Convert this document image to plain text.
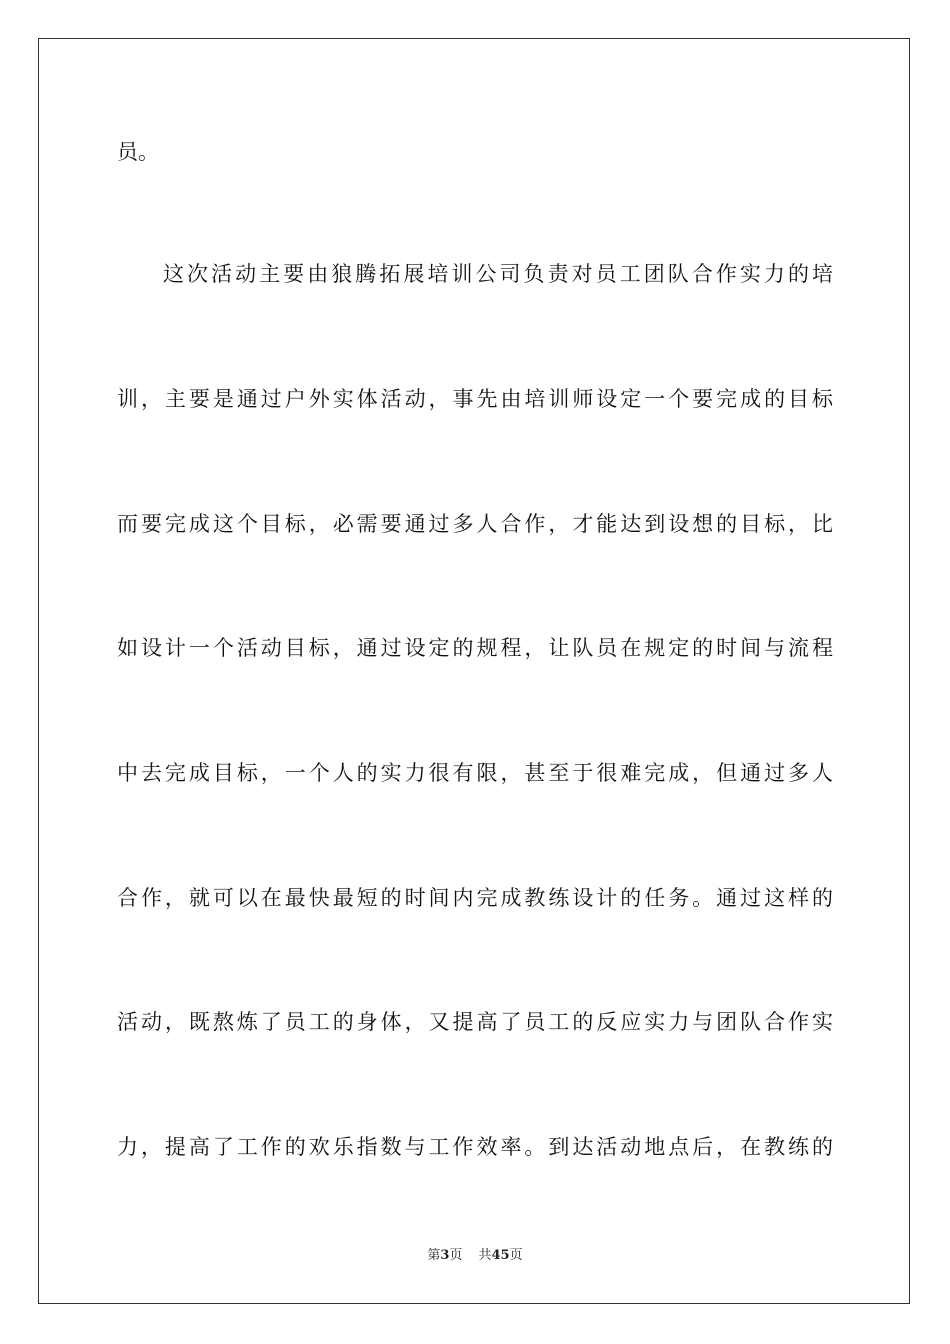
员。
这次活动主要由狼腾拓展培训公司负责对员工团队合作实力的培
训，主要是通过户外实体活动，事先由培训师设定一个要完成的目标
而要完成这个目标，必需要通过多人合作，才能达到设想的目标，比
如设计一个活动目标，通过设定的规程，让队员在规定的时间与流程
中去完成目标，一个人的实力很有限，甚至于很难完成，但通过多人
合作，就可以在最快最短的时间内完成教练设计的任务。通过这样的
活动，既熬炼了员工的身体，又提高了员工的反应实力与团队合作实
力，提高了工作的欢乐指数与工作效率。到达活动地点后，在教练的
第3页 共45页
